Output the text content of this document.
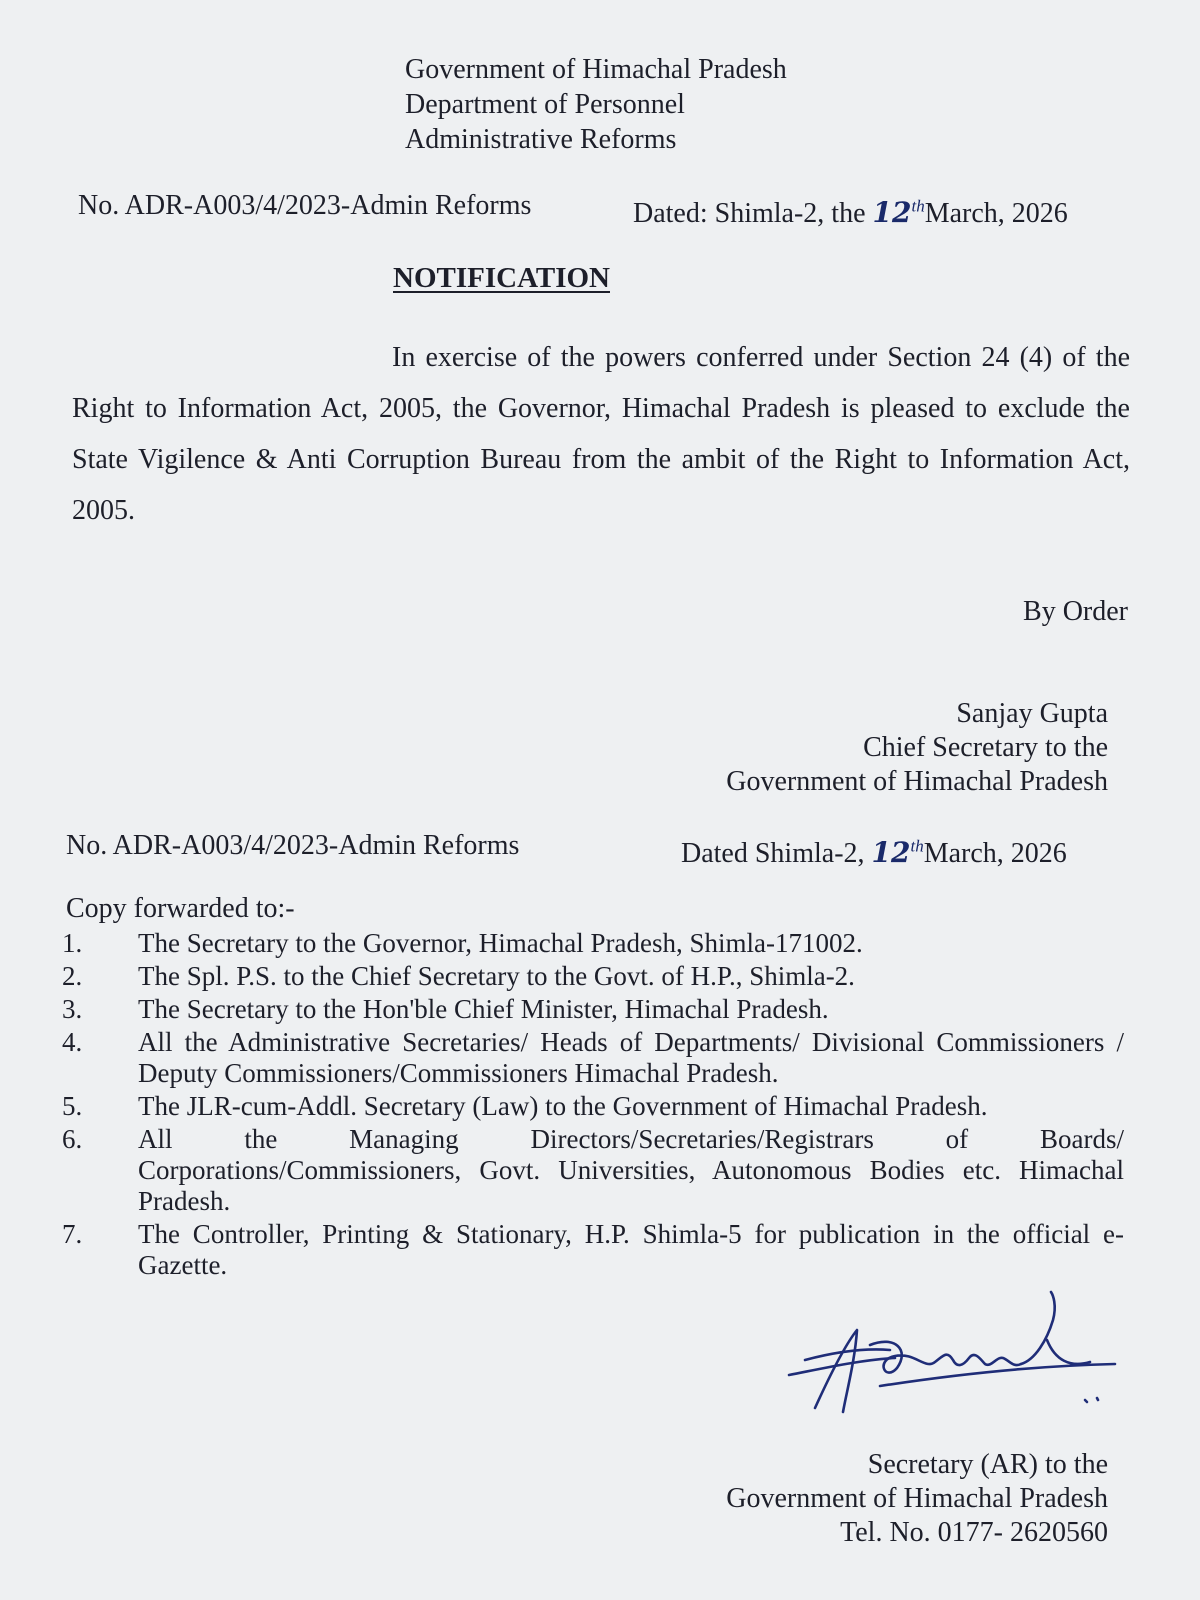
Government of Himachal Pradesh
Department of Personnel
Administrative Reforms
No. ADR-A003/4/2023-Admin Reforms	Dated: Shimla-2, the 12thMarch, 2026
NOTIFICATION
In exercise of the powers conferred under Section 24 (4) of the Right to Information Act, 2005, the Governor, Himachal Pradesh is pleased to exclude the State Vigilence & Anti Corruption Bureau from the ambit of the Right to Information Act, 2005.
By Order
Sanjay Gupta
Chief Secretary to the
Government of Himachal Pradesh
No. ADR-A003/4/2023-Admin Reforms	Dated Shimla-2, 12thMarch, 2026
Copy forwarded to:-
1.	The Secretary to the Governor, Himachal Pradesh, Shimla-171002.
2.	The Spl. P.S. to the Chief Secretary to the Govt. of H.P., Shimla-2.
3.	The Secretary to the Hon'ble Chief Minister, Himachal Pradesh.
4.	All the Administrative Secretaries/ Heads of Departments/ Divisional Commissioners / Deputy Commissioners/Commissioners Himachal Pradesh.
5.	The JLR-cum-Addl. Secretary (Law) to the Government of Himachal Pradesh.
6.	All the Managing Directors/Secretaries/Registrars of Boards/ Corporations/Commissioners, Govt. Universities, Autonomous Bodies etc. Himachal Pradesh.
7.	The Controller, Printing & Stationary, H.P. Shimla-5 for publication in the official e-Gazette.
Secretary (AR) to the
Government of Himachal Pradesh
Tel. No. 0177- 2620560
